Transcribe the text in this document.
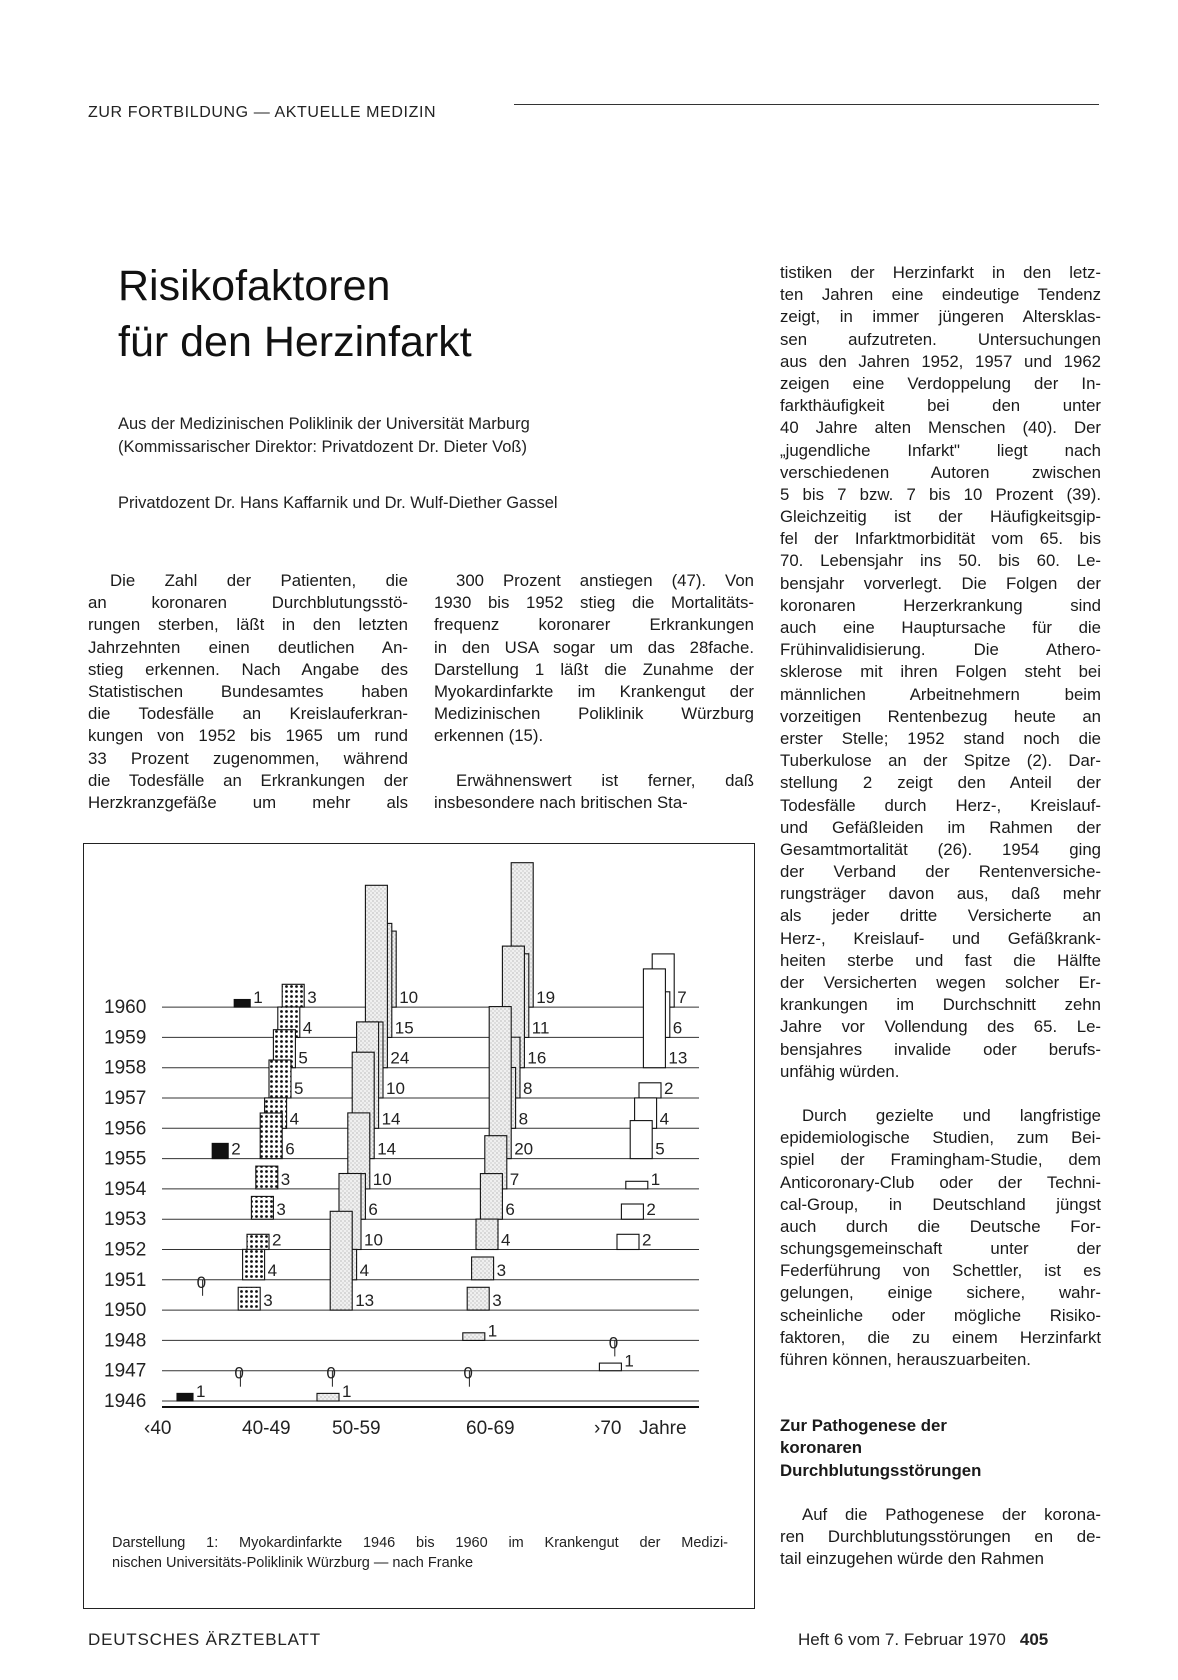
ZUR FORTBILDUNG — AKTUELLE MEDIZIN
Risikofaktoren
für den Herzinfarkt
Aus der Medizinischen Poliklinik der Universität Marburg
(Kommissarischer Direktor: Privatdozent Dr. Dieter Voß)
Privatdozent Dr. Hans Kaffarnik und Dr. Wulf-Diether Gassel
Die Zahl der Patienten, die
an koronaren Durchblutungsstö-
rungen sterben, läßt in den letzten
Jahrzehnten einen deutlichen An-
stieg erkennen. Nach Angabe des
Statistischen Bundesamtes haben
die Todesfälle an Kreislauferkran-
kungen von 1952 bis 1965 um rund
33 Prozent zugenommen, während
die Todesfälle an Erkrankungen der
Herzkranzgefäße um mehr als
300 Prozent anstiegen (47). Von
1930 bis 1952 stieg die Mortalitäts-
frequenz koronarer Erkrankungen
in den USA sogar um das 28fache.
Darstellung 1 läßt die Zunahme der
Myokardinfarkte im Krankengut der
Medizinischen Poliklinik Würzburg
erkennen (15).
Erwähnenswert ist ferner, daß
insbesondere nach britischen Sta-
tistiken der Herzinfarkt in den letz-
ten Jahren eine eindeutige Tendenz
zeigt, in immer jüngeren Altersklas-
sen aufzutreten. Untersuchungen
aus den Jahren 1952, 1957 und 1962
zeigen eine Verdoppelung der In-
farkthäufigkeit bei den unter
40 Jahre alten Menschen (40). Der
„jugendliche Infarkt" liegt nach
verschiedenen Autoren zwischen
5 bis 7 bzw. 7 bis 10 Prozent (39).
Gleichzeitig ist der Häufigkeitsgip-
fel der Infarktmorbidität vom 65. bis
70. Lebensjahr ins 50. bis 60. Le-
bensjahr vorverlegt. Die Folgen der
koronaren Herzerkrankung sind
auch eine Hauptursache für die
Frühinvalidisierung. Die Athero-
sklerose mit ihren Folgen steht bei
männlichen Arbeitnehmern beim
vorzeitigen Rentenbezug heute an
erster Stelle; 1952 stand noch die
Tuberkulose an der Spitze (2). Dar-
stellung 2 zeigt den Anteil der
Todesfälle durch Herz-, Kreislauf-
und Gefäßleiden im Rahmen der
Gesamtmortalität (26). 1954 ging
der Verband der Rentenversiche-
rungsträger davon aus, daß mehr
als jeder dritte Versicherte an
Herz-, Kreislauf- und Gefäßkrank-
heiten sterbe und fast die Hälfte
der Versicherten wegen solcher Er-
krankungen im Durchschnitt zehn
Jahre vor Vollendung des 65. Le-
bensjahres invalide oder berufs-
unfähig würden.
Durch gezielte und langfristige
epidemiologische Studien, zum Bei-
spiel der Framingham-Studie, dem
Anticoronary-Club oder der Techni-
cal-Group, in Deutschland jüngst
auch durch die Deutsche For-
schungsgemeinschaft unter der
Federführung von Schettler, ist es
gelungen, einige sichere, wahr-
scheinliche oder mögliche Risiko-
faktoren, die zu einem Herzinfarkt
führen können, herauszuarbeiten.
Zur Pathogenese der
koronaren
Durchblutungsstörungen
Auf die Pathogenese der korona-
ren Durchblutungsstörungen en de-
tail einzugehen würde den Rahmen
1960
1959
1958
1957
1956
1955
1954
1953
1952
1951
1950
1948
1947
1946
1	3	10	19	7
4	15	11	6
5	24	16	13
5	10	8	2
4	14	8	4
2	6	14	20	5
3	10	7	1
3	6	6	2
2	10	4	2
0
4	4	3
3	13	3
1
0
0	0	0
1
1	1
‹40	40-49 50-59	60-69	›70 Jahre
Darstellung 1: Myokardinfarkte 1946 bis 1960 im Krankengut der Medizi-
nischen Universitäts-Poliklinik Würzburg — nach Franke
DEUTSCHES ÄRZTEBLATT	Heft 6 vom 7. Februar 1970 405
